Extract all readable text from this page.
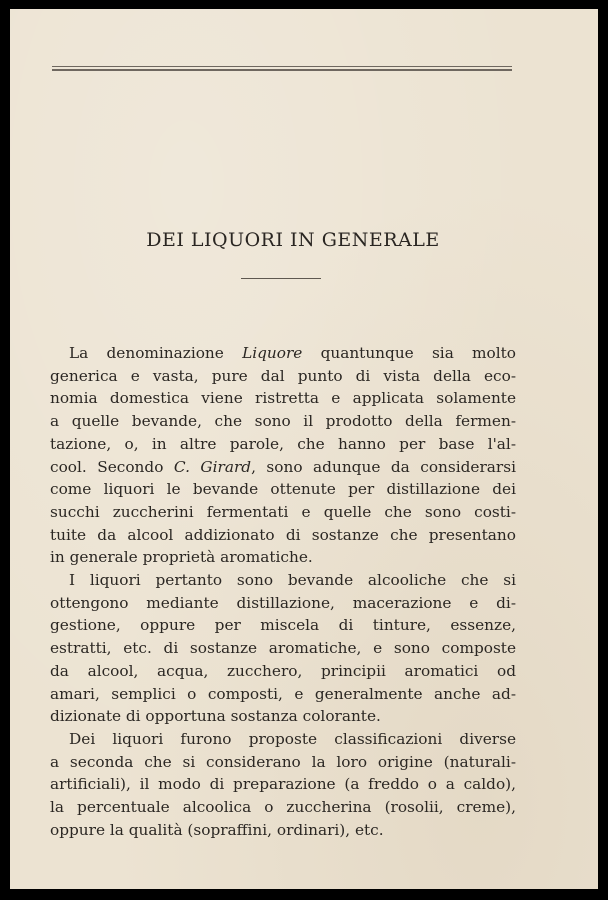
DEI LIQUORI IN GENERALE
La denominazione Liquore quantunque sia molto
generica e vasta, pure dal punto di vista della eco-
nomia domestica viene ristretta e applicata solamente
a quelle bevande, che sono il prodotto della fermen-
tazione, o, in altre parole, che hanno per base l'al-
cool. Secondo C. Girard, sono adunque da considerarsi
come liquori le bevande ottenute per distillazione dei
succhi zuccherini fermentati e quelle che sono costi-
tuite da alcool addizionato di sostanze che presentano
in generale proprietà aromatiche.
I liquori pertanto sono bevande alcooliche che si
ottengono mediante distillazione, macerazione e di-
gestione, oppure per miscela di tinture, essenze,
estratti, etc. di sostanze aromatiche, e sono composte
da alcool, acqua, zucchero, principii aromatici od
amari, semplici o composti, e generalmente anche ad-
dizionate di opportuna sostanza colorante.
Dei liquori furono proposte classificazioni diverse
a seconda che si considerano la loro origine (naturali-
artificiali), il modo di preparazione (a freddo o a caldo),
la percentuale alcoolica o zuccherina (rosolii, creme),
oppure la qualità (sopraffini, ordinari), etc.
